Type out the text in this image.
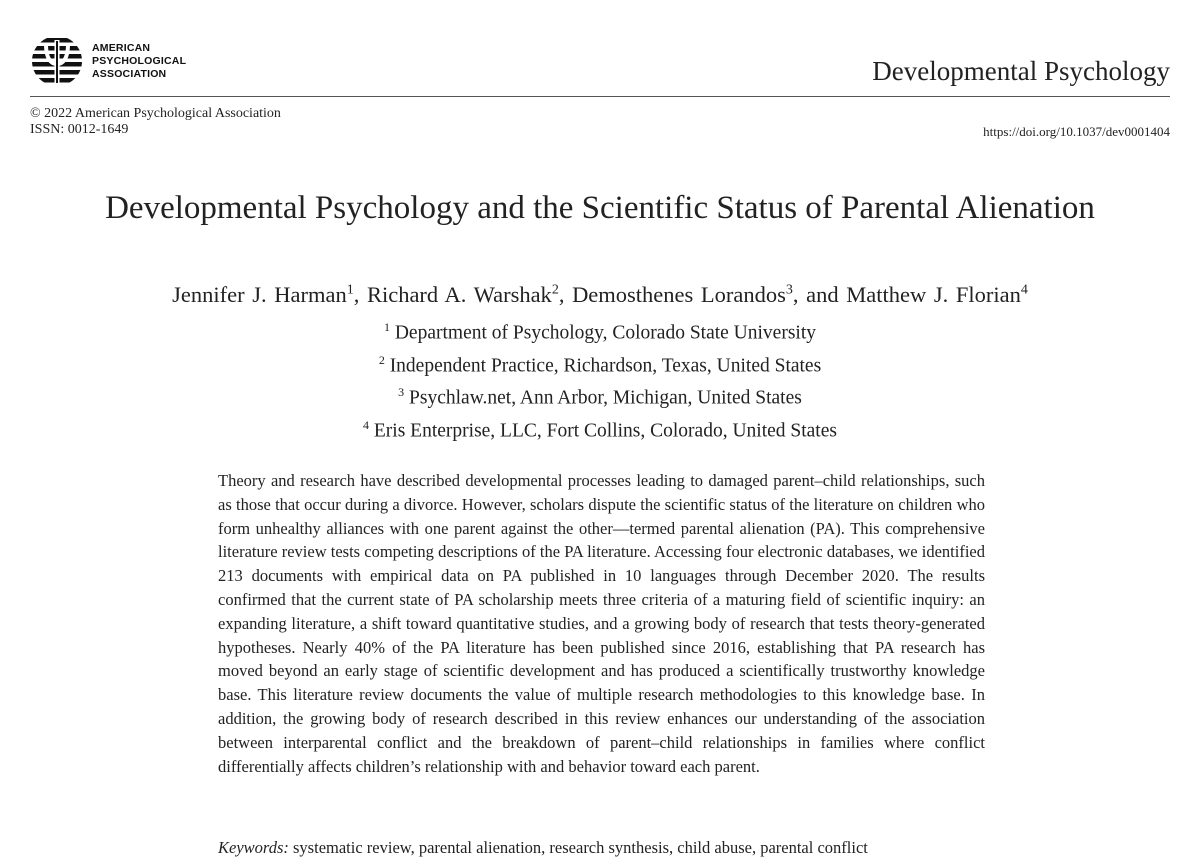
AMERICAN
PSYCHOLOGICAL
ASSOCIATION	Developmental Psychology
© 2022 American Psychological Association
ISSN: 0012-1649	https://doi.org/10.1037/dev0001404
Developmental Psychology and the Scientific Status of Parental Alienation
Jennifer J. Harman$^1$, Richard A. Warshak$^2$, Demosthenes Lorandos$^3$, and Matthew J. Florian$^4$
$^1$ Department of Psychology, Colorado State University
$^2$ Independent Practice, Richardson, Texas, United States
$^3$ Psychlaw.net, Ann Arbor, Michigan, United States
$^4$ Eris Enterprise, LLC, Fort Collins, Colorado, United States

Theory and research have described developmental processes leading to damaged parent–child relationships, such as those that occur during a divorce. However, scholars dispute the scientific status of the literature on children who form unhealthy alliances with one parent against the other—termed parental alienation (PA). This comprehensive literature review tests competing descriptions of the PA literature. Accessing four electronic databases, we identified 213 documents with empirical data on PA published in 10 languages through December 2020. The results confirmed that the current state of PA scholarship meets three criteria of a maturing field of scientific inquiry: an expanding literature, a shift toward quantitative studies, and a growing body of research that tests theory-generated hypotheses. Nearly 40% of the PA literature has been published since 2016, establishing that PA research has moved beyond an early stage of scientific development and has produced a scientifically trustworthy knowledge base. This literature review documents the value of multiple research methodologies to this knowledge base. In addition, the growing body of research described in this review enhances our understanding of the association between interparental conflict and the breakdown of parent–child relationships in families where conflict differentially affects children’s relationship with and behavior toward each parent.

Keywords: systematic review, parental alienation, research synthesis, child abuse, parental conflict
